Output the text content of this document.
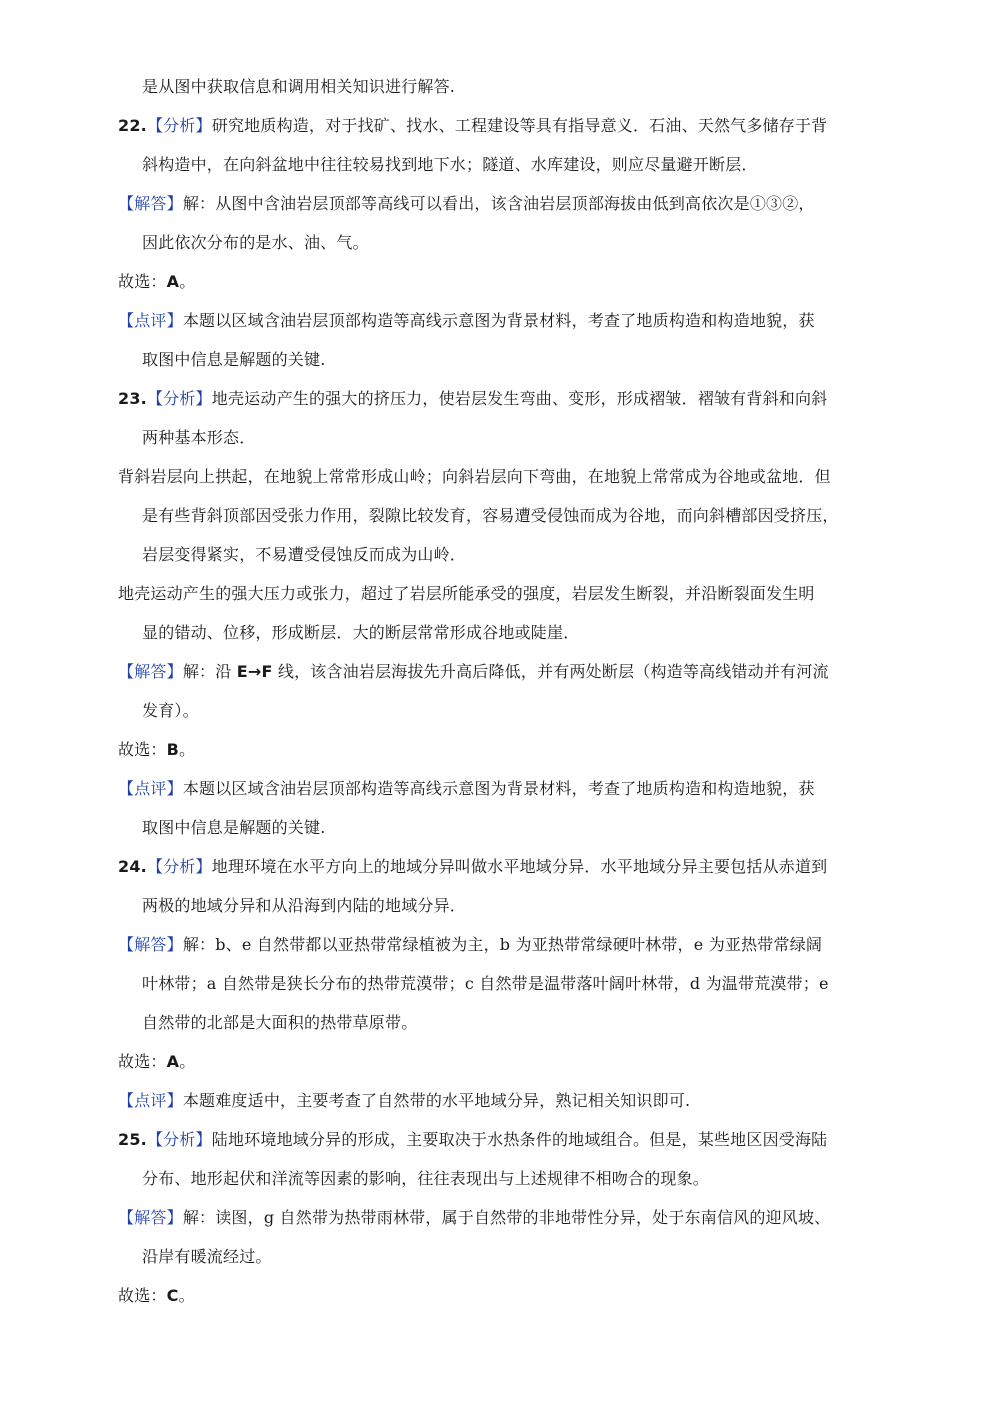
是从图中获取信息和调用相关知识进行解答.
22.【分析】研究地质构造，对于找矿、找水、工程建设等具有指导意义．石油、天然气多储存于背
斜构造中，在向斜盆地中往往较易找到地下水；隧道、水库建设，则应尽量避开断层．
【解答】解：从图中含油岩层顶部等高线可以看出，该含油岩层顶部海拔由低到高依次是①③②，
因此依次分布的是水、油、气。
故选：A。
【点评】本题以区域含油岩层顶部构造等高线示意图为背景材料，考查了地质构造和构造地貌，获
取图中信息是解题的关键.
23.【分析】地壳运动产生的强大的挤压力，使岩层发生弯曲、变形，形成褶皱．褶皱有背斜和向斜
两种基本形态．
背斜岩层向上拱起，在地貌上常常形成山岭；向斜岩层向下弯曲，在地貌上常常成为谷地或盆地．但
是有些背斜顶部因受张力作用，裂隙比较发育，容易遭受侵蚀而成为谷地，而向斜槽部因受挤压，
岩层变得紧实，不易遭受侵蚀反而成为山岭．
地壳运动产生的强大压力或张力，超过了岩层所能承受的强度，岩层发生断裂，并沿断裂面发生明
显的错动、位移，形成断层．大的断层常常形成谷地或陡崖．
【解答】解：沿 E→F 线，该含油岩层海拔先升高后降低，并有两处断层（构造等高线错动并有河流
发育）。
故选：B。
【点评】本题以区域含油岩层顶部构造等高线示意图为背景材料，考查了地质构造和构造地貌，获
取图中信息是解题的关键.
24.【分析】地理环境在水平方向上的地域分异叫做水平地域分异．水平地域分异主要包括从赤道到
两极的地域分异和从沿海到内陆的地域分异．
【解答】解：b、e 自然带都以亚热带常绿植被为主，b 为亚热带常绿硬叶林带，e 为亚热带常绿阔
叶林带；a 自然带是狭长分布的热带荒漠带；c 自然带是温带落叶阔叶林带，d 为温带荒漠带；e
自然带的北部是大面积的热带草原带。
故选：A。
【点评】本题难度适中，主要考查了自然带的水平地域分异，熟记相关知识即可.
25.【分析】陆地环境地域分异的形成，主要取决于水热条件的地域组合。但是，某些地区因受海陆
分布、地形起伏和洋流等因素的影响，往往表现出与上述规律不相吻合的现象。
【解答】解：读图，g 自然带为热带雨林带，属于自然带的非地带性分异，处于东南信风的迎风坡、
沿岸有暖流经过。
故选：C。
